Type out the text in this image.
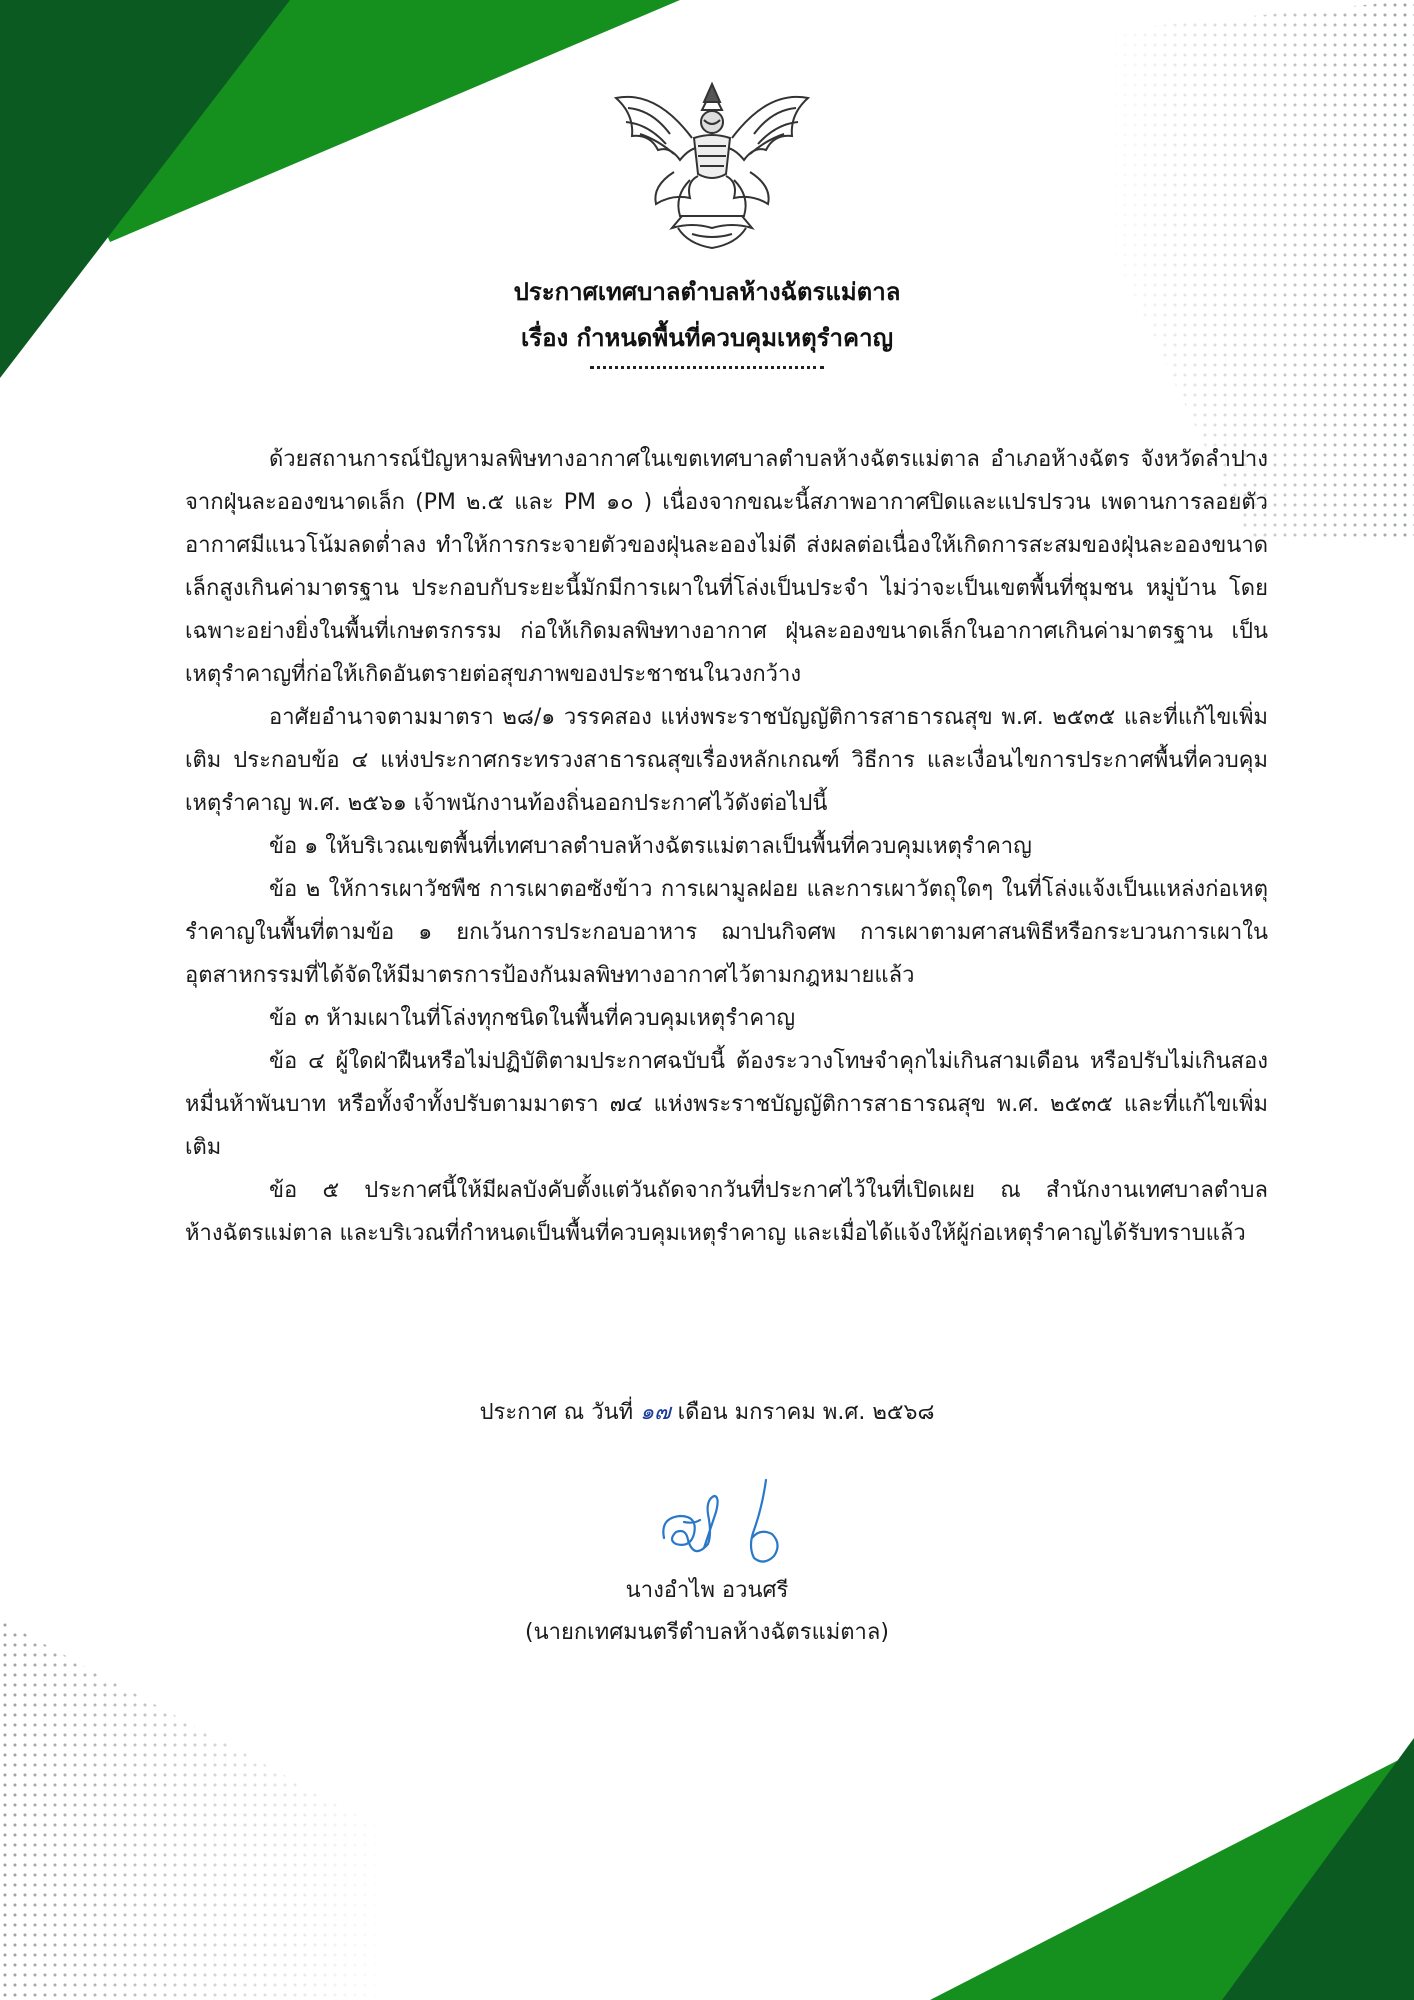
ประกาศเทศบาลตำบลห้างฉัตรแม่ตาล
เรื่อง กำหนดพื้นที่ควบคุมเหตุรำคาญ

ด้วยสถานการณ์ปัญหามลพิษทางอากาศในเขตเทศบาลตำบลห้างฉัตรแม่ตาล อำเภอห้างฉัตร จังหวัดลำปาง จากฝุ่นละอองขนาดเล็ก (PM ๒.๕ และ PM ๑๐ ) เนื่องจากขณะนี้สภาพอากาศปิดและแปรปรวน เพดานการลอยตัวอากาศมีแนวโน้มลดต่ำลง ทำให้การกระจายตัวของฝุ่นละอองไม่ดี ส่งผลต่อเนื่องให้เกิดการสะสมของฝุ่นละอองขนาดเล็กสูงเกินค่ามาตรฐาน ประกอบกับระยะนี้มักมีการเผาในที่โล่งเป็นประจำ ไม่ว่าจะเป็นเขตพื้นที่ชุมชน หมู่บ้าน โดยเฉพาะอย่างยิ่งในพื้นที่เกษตรกรรม ก่อให้เกิดมลพิษทางอากาศ ฝุ่นละอองขนาดเล็กในอากาศเกินค่ามาตรฐาน เป็นเหตุรำคาญที่ก่อให้เกิดอันตรายต่อสุขภาพของประชาชนในวงกว้าง

อาศัยอำนาจตามมาตรา ๒๘/๑ วรรคสอง แห่งพระราชบัญญัติการสาธารณสุข พ.ศ. ๒๕๓๕ และที่แก้ไขเพิ่มเติม ประกอบข้อ ๔ แห่งประกาศกระทรวงสาธารณสุขเรื่องหลักเกณฑ์ วิธีการ และเงื่อนไขการประกาศพื้นที่ควบคุมเหตุรำคาญ พ.ศ. ๒๕๖๑ เจ้าพนักงานท้องถิ่นออกประกาศไว้ดังต่อไปนี้

ข้อ ๑ ให้บริเวณเขตพื้นที่เทศบาลตำบลห้างฉัตรแม่ตาลเป็นพื้นที่ควบคุมเหตุรำคาญ

ข้อ ๒ ให้การเผาวัชพืช การเผาตอซังข้าว การเผามูลฝอย และการเผาวัตถุใดๆ ในที่โล่งแจ้งเป็นแหล่งก่อเหตุรำคาญในพื้นที่ตามข้อ ๑ ยกเว้นการประกอบอาหาร ฌาปนกิจศพ การเผาตามศาสนพิธีหรือกระบวนการเผาในอุตสาหกรรมที่ได้จัดให้มีมาตรการป้องกันมลพิษทางอากาศไว้ตามกฎหมายแล้ว

ข้อ ๓ ห้ามเผาในที่โล่งทุกชนิดในพื้นที่ควบคุมเหตุรำคาญ

ข้อ ๔ ผู้ใดฝ่าฝืนหรือไม่ปฏิบัติตามประกาศฉบับนี้ ต้องระวางโทษจำคุกไม่เกินสามเดือน หรือปรับไม่เกินสองหมื่นห้าพันบาท หรือทั้งจำทั้งปรับตามมาตรา ๗๔ แห่งพระราชบัญญัติการสาธารณสุข พ.ศ. ๒๕๓๕ และที่แก้ไขเพิ่มเติม

ข้อ ๕ ประกาศนี้ให้มีผลบังคับตั้งแต่วันถัดจากวันที่ประกาศไว้ในที่เปิดเผย ณ สำนักงานเทศบาลตำบลห้างฉัตรแม่ตาล และบริเวณที่กำหนดเป็นพื้นที่ควบคุมเหตุรำคาญ และเมื่อได้แจ้งให้ผู้ก่อเหตุรำคาญได้รับทราบแล้ว

ประกาศ ณ วันที่ ๑๗ เดือน มกราคม พ.ศ. ๒๕๖๘
นางอำไพ อวนศรี
(นายกเทศมนตรีตำบลห้างฉัตรแม่ตาล)
